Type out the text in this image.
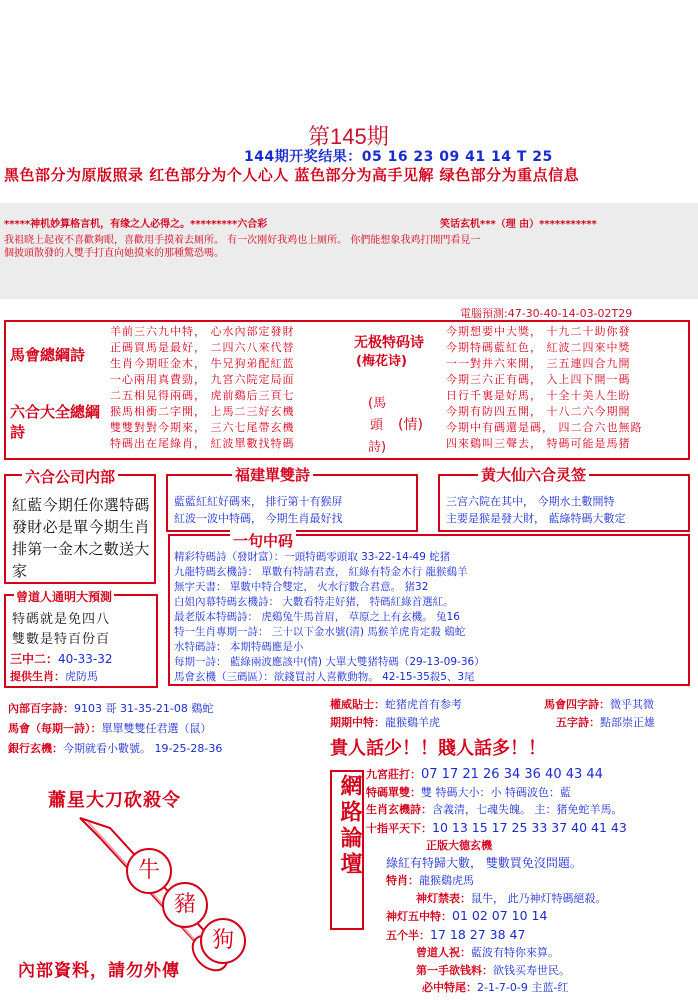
第145期
144期开奖结果：05 16 23 09 41 14 T 25
黑色部分为原版照录 红色部分为个人心人 蓝色部分为高手见解 绿色部分为重点信息
*****神机妙算格言机，有缘之人必得之。*********六合彩	笑话玄机***（理 由）***********
我祖晓上起夜不喜歡夠眼，喜歡用手摸着去厕所。 有一次刚好我鸡也上厕所。 你們能想象我鸡打開門看見一
個披頭散發的人雙手打直向她摸來的那種驚恐嗎。
電腦預測:47-30-40-14-03-02T29
馬會總綱詩
六合大全總綱詩
羊前三六九中特， 心水內部定發財
正碼買馬是最好， 二四六八來代替
生肖今期旺金木， 牛兄狗弟配紅蓝
一心兩用真費勁， 九宮六院定局面
二五相見得兩碼， 虎前鷄后三頁七
猴馬相衝二字開， 上馬二三好玄機
雙雙對對今期來， 三六七尾帶玄機
特碼出在尾綠肖， 紅波單數找特碼
无极特码诗
(梅花诗)
(馬
頭
詩)
(情)
今期想要中大獎， 十九二十助你發
今期特碼藍紅色， 紅波二四來中獎
一一對并六來開， 三五連四合九開
今期三六正有碼， 入上四下開一碼
日行千裏是好馬， 十全十美人生盼
今期有防四五開， 十八二六今期開
今期中有碼還是碼， 四二合六也無路
四來鷄叫三聲去， 特碼可能是馬猪
六合公司内部
紅藍今期任你選特碼發財必是單今期生肖排第一金木之數送大家
福建單雙詩
藍藍紅紅好碼來， 排行第十有猴屏
紅波一波中特碼， 今期生肖最好找
黄大仙六合灵签
三宫六院在其中， 今期水土數開特
主要是猴是發大財， 藍綠特碼大數定
一句中码
精彩特碼詩（發財富）：一頭特碼零頭取 33-22-14-49 蛇猪
九龍特碼玄機詩： 單數有特請君查， 紅綠有特金木行 龍猴鷄羊
無字天書： 單數中特合雙定， 火水行數合君意。 猪32
白姐內幕特碼玄機詩： 大數看特走好猪， 特碼紅綠首選紅。
最老版本特碼詩： 虎鷄兔牛馬首眉， 草原之上有玄機。 兔16
特一生肖專期一詩： 三十以下金水號(清) 馬猴羊虎肯定殺 鷄蛇
水特碼詩： 本期特碼應是小
每期一詩： 藍綠兩波應該中(情) 大單大雙猪特碼（29-13-09-36）
馬會玄機（三碼區）：欲錢買討人喜歡動物。 42-15-35殺5、3尾
曾道人通明大預測
特碼就是免四八
雙數是特百份百
三中二：40-33-32
提供生肖：虎防馬
內部百字詩：9103 哥 31-35-21-08 鷄蛇
馬會（每期一詩）：單單雙雙任君選（鼠）
銀行玄機：今期就看小數號。 19-25-28-36
權威貼士：蛇猪虎首有参考	馬會四字詩：微乎其微
期期中特：龍猴鷄羊虎	五字詩：點部崇正雄
貴人話少！！賤人話多！！
蕭星大刀砍殺令
牛
豬
狗
內部資料，請勿外傳
網路論壇 九宮莊打：07 17 21 26 34 36 40 43 44
特碼單雙：雙 特碼大小：小 特碼波色：藍
生肖玄機詩：含義清，七魂失魄。 主：猪免蛇羊馬。
十指平天下：10 13 15 17 25 33 37 40 41 43
正版大德玄機
綠紅有特歸大數， 雙數買免沒問題。
特肖：龍猴鷄虎馬
神灯禁表：鼠牛， 此乃神灯特碼絕殺。
神灯五中特：01 02 07 10 14
五个半：17 18 27 38 47
曾道人祝：藍波有特你來算。
第一手欲钱料：欲钱买寿世民。
必中特尾：2-1-7-0-9 主蓝-红
